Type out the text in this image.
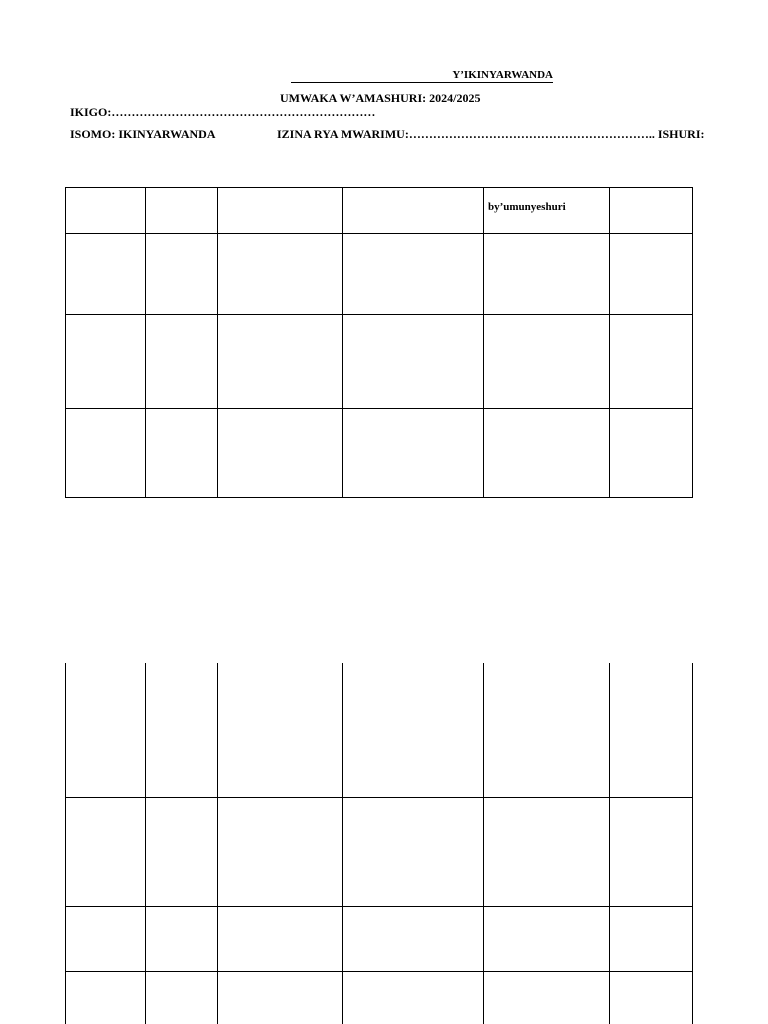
Y’IKINYARWANDA
UMWAKA W’AMASHURI: 2024/2025
IKIGO:…………………………………………………………
ISOMO: IKINYARWANDA	IZINA RYA MWARIMU:…………………………………………………….. ISHURI:
by’umunyeshuri
